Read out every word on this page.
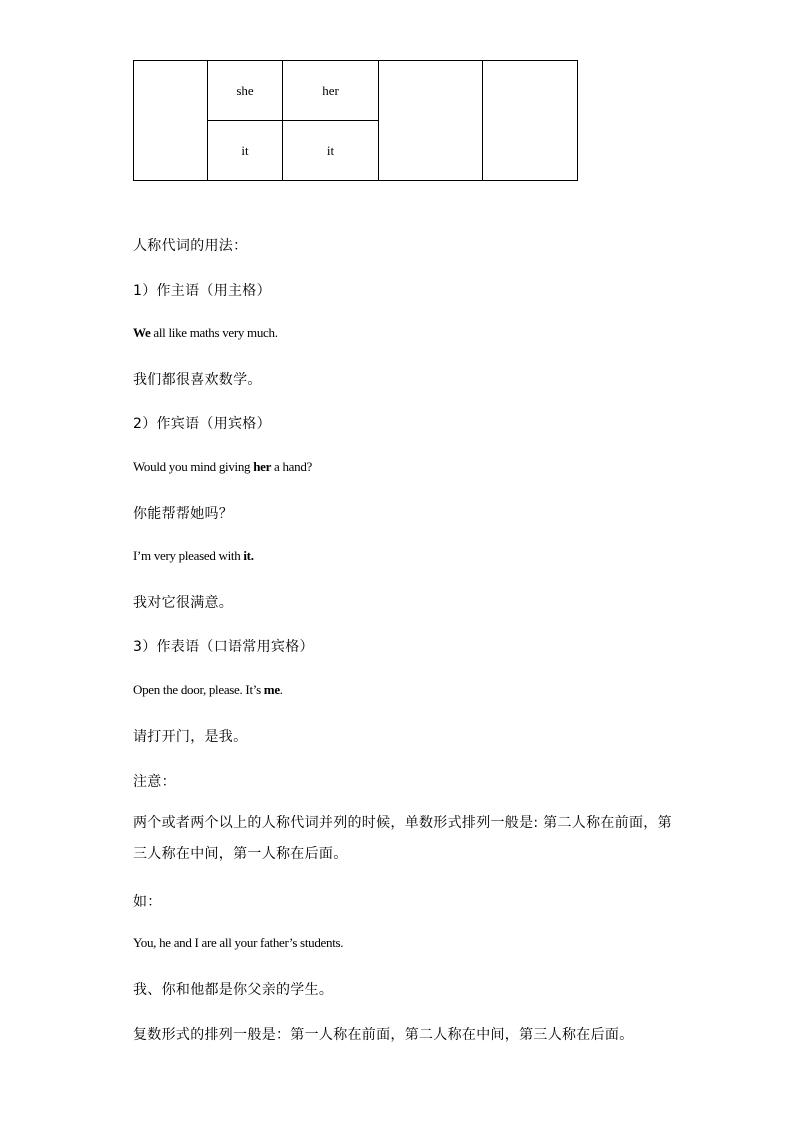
	she	her		
	it	it		

人称代词的用法：

1）作主语（用主格）

We all like maths very much.

我们都很喜欢数学。

2）作宾语（用宾格）

Would you mind giving her a hand?

你能帮帮她吗？

I’m very pleased with it.

我对它很满意。

3）作表语（口语常用宾格）

Open the door, please. It’s me.

请打开门，是我。

注意：

两个或者两个以上的人称代词并列的时候，单数形式排列一般是: 第二人称在前面，第三人称在中间，第一人称在后面。

如：

You, he and I are all your father’s students.

我、你和他都是你父亲的学生。

复数形式的排列一般是：第一人称在前面，第二人称在中间，第三人称在后面。
